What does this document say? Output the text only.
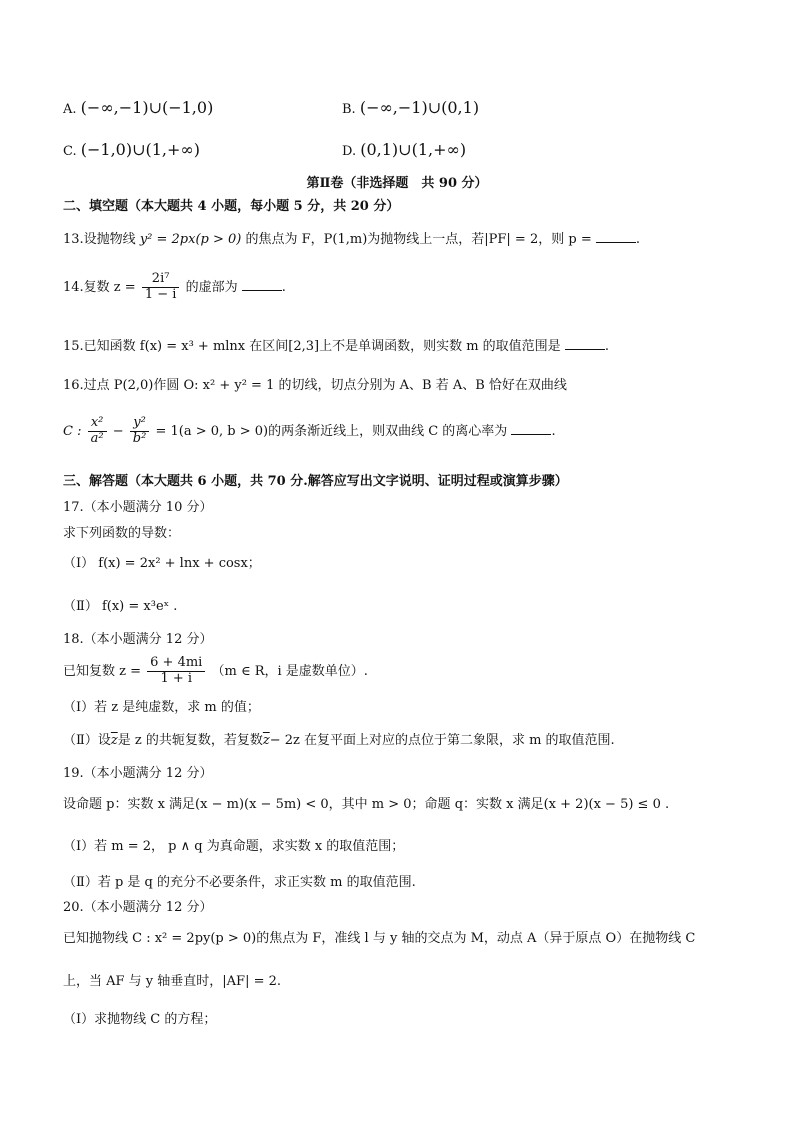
A. (−∞,−1)∪(−1,0)	B. (−∞,−1)∪(0,1)
C. (−1,0)∪(1,+∞)	D. (0,1)∪(1,+∞)
第Ⅱ卷（非选择题　共 90 分）
二、填空题（本大题共 4 小题，每小题 5 分，共 20 分）
13.设抛物线 y² = 2px(p > 0) 的焦点为 F，P(1,m)为抛物线上一点，若|PF| = 2，则 p =	.
14.复数 $z = \frac{\text{2i⁷}}{1 - i}$ 的虚部为	.
15.已知函数 f(x) = x³ + mlnx 在区间[2,3]上不是单调函数，则实数 m 的取值范围是	.
16.过点 P(2,0)作圆 O: x² + y² = 1 的切线，切点分别为 A、B 若 A、B 恰好在双曲线
C : $\frac{\text{x²}}{\text{a²}} - \frac{\text{y²}}{\text{b²}} = 1(a > 0$, b > 0)的两条渐近线上，则双曲线 C 的离心率为	.
三、解答题（本大题共 6 小题，共 70 分.解答应写出文字说明、证明过程或演算步骤）
17.（本小题满分 10 分）
求下列函数的导数：
（Ⅰ） f(x) = 2x² + lnx + cosx；
（Ⅱ） f(x) = x³eˣ .
18.（本小题满分 12 分）
已知复数 $z = \frac{6 + 4mi}{1 + i} (m$ ∈ R，i 是虚数单位）.
（Ⅰ）若 z 是纯虚数，求 m 的值；
（Ⅱ）设$\overline{z}$是 z 的共轭复数，若复数$\overline{z}- 2z$ 在复平面上对应的点位于第二象限，求 m 的取值范围.
19.（本小题满分 12 分）
设命题 p：实数 x 满足(x − m)(x − 5m) < 0，其中 m > 0；命题 q：实数 x 满足(x + 2)(x − 5) ≤ 0 .
（Ⅰ）若 m = 2， p ∧ q 为真命题，求实数 x 的取值范围；
（Ⅱ）若 p 是 q 的充分不必要条件，求正实数 m 的取值范围.
20.（本小题满分 12 分）
已知抛物线 C : x² = 2py(p > 0)的焦点为 F，准线 l 与 y 轴的交点为 M，动点 A（异于原点 O）在抛物线 C
上，当 AF 与 y 轴垂直时，|AF| = 2.
（Ⅰ）求抛物线 C 的方程；
